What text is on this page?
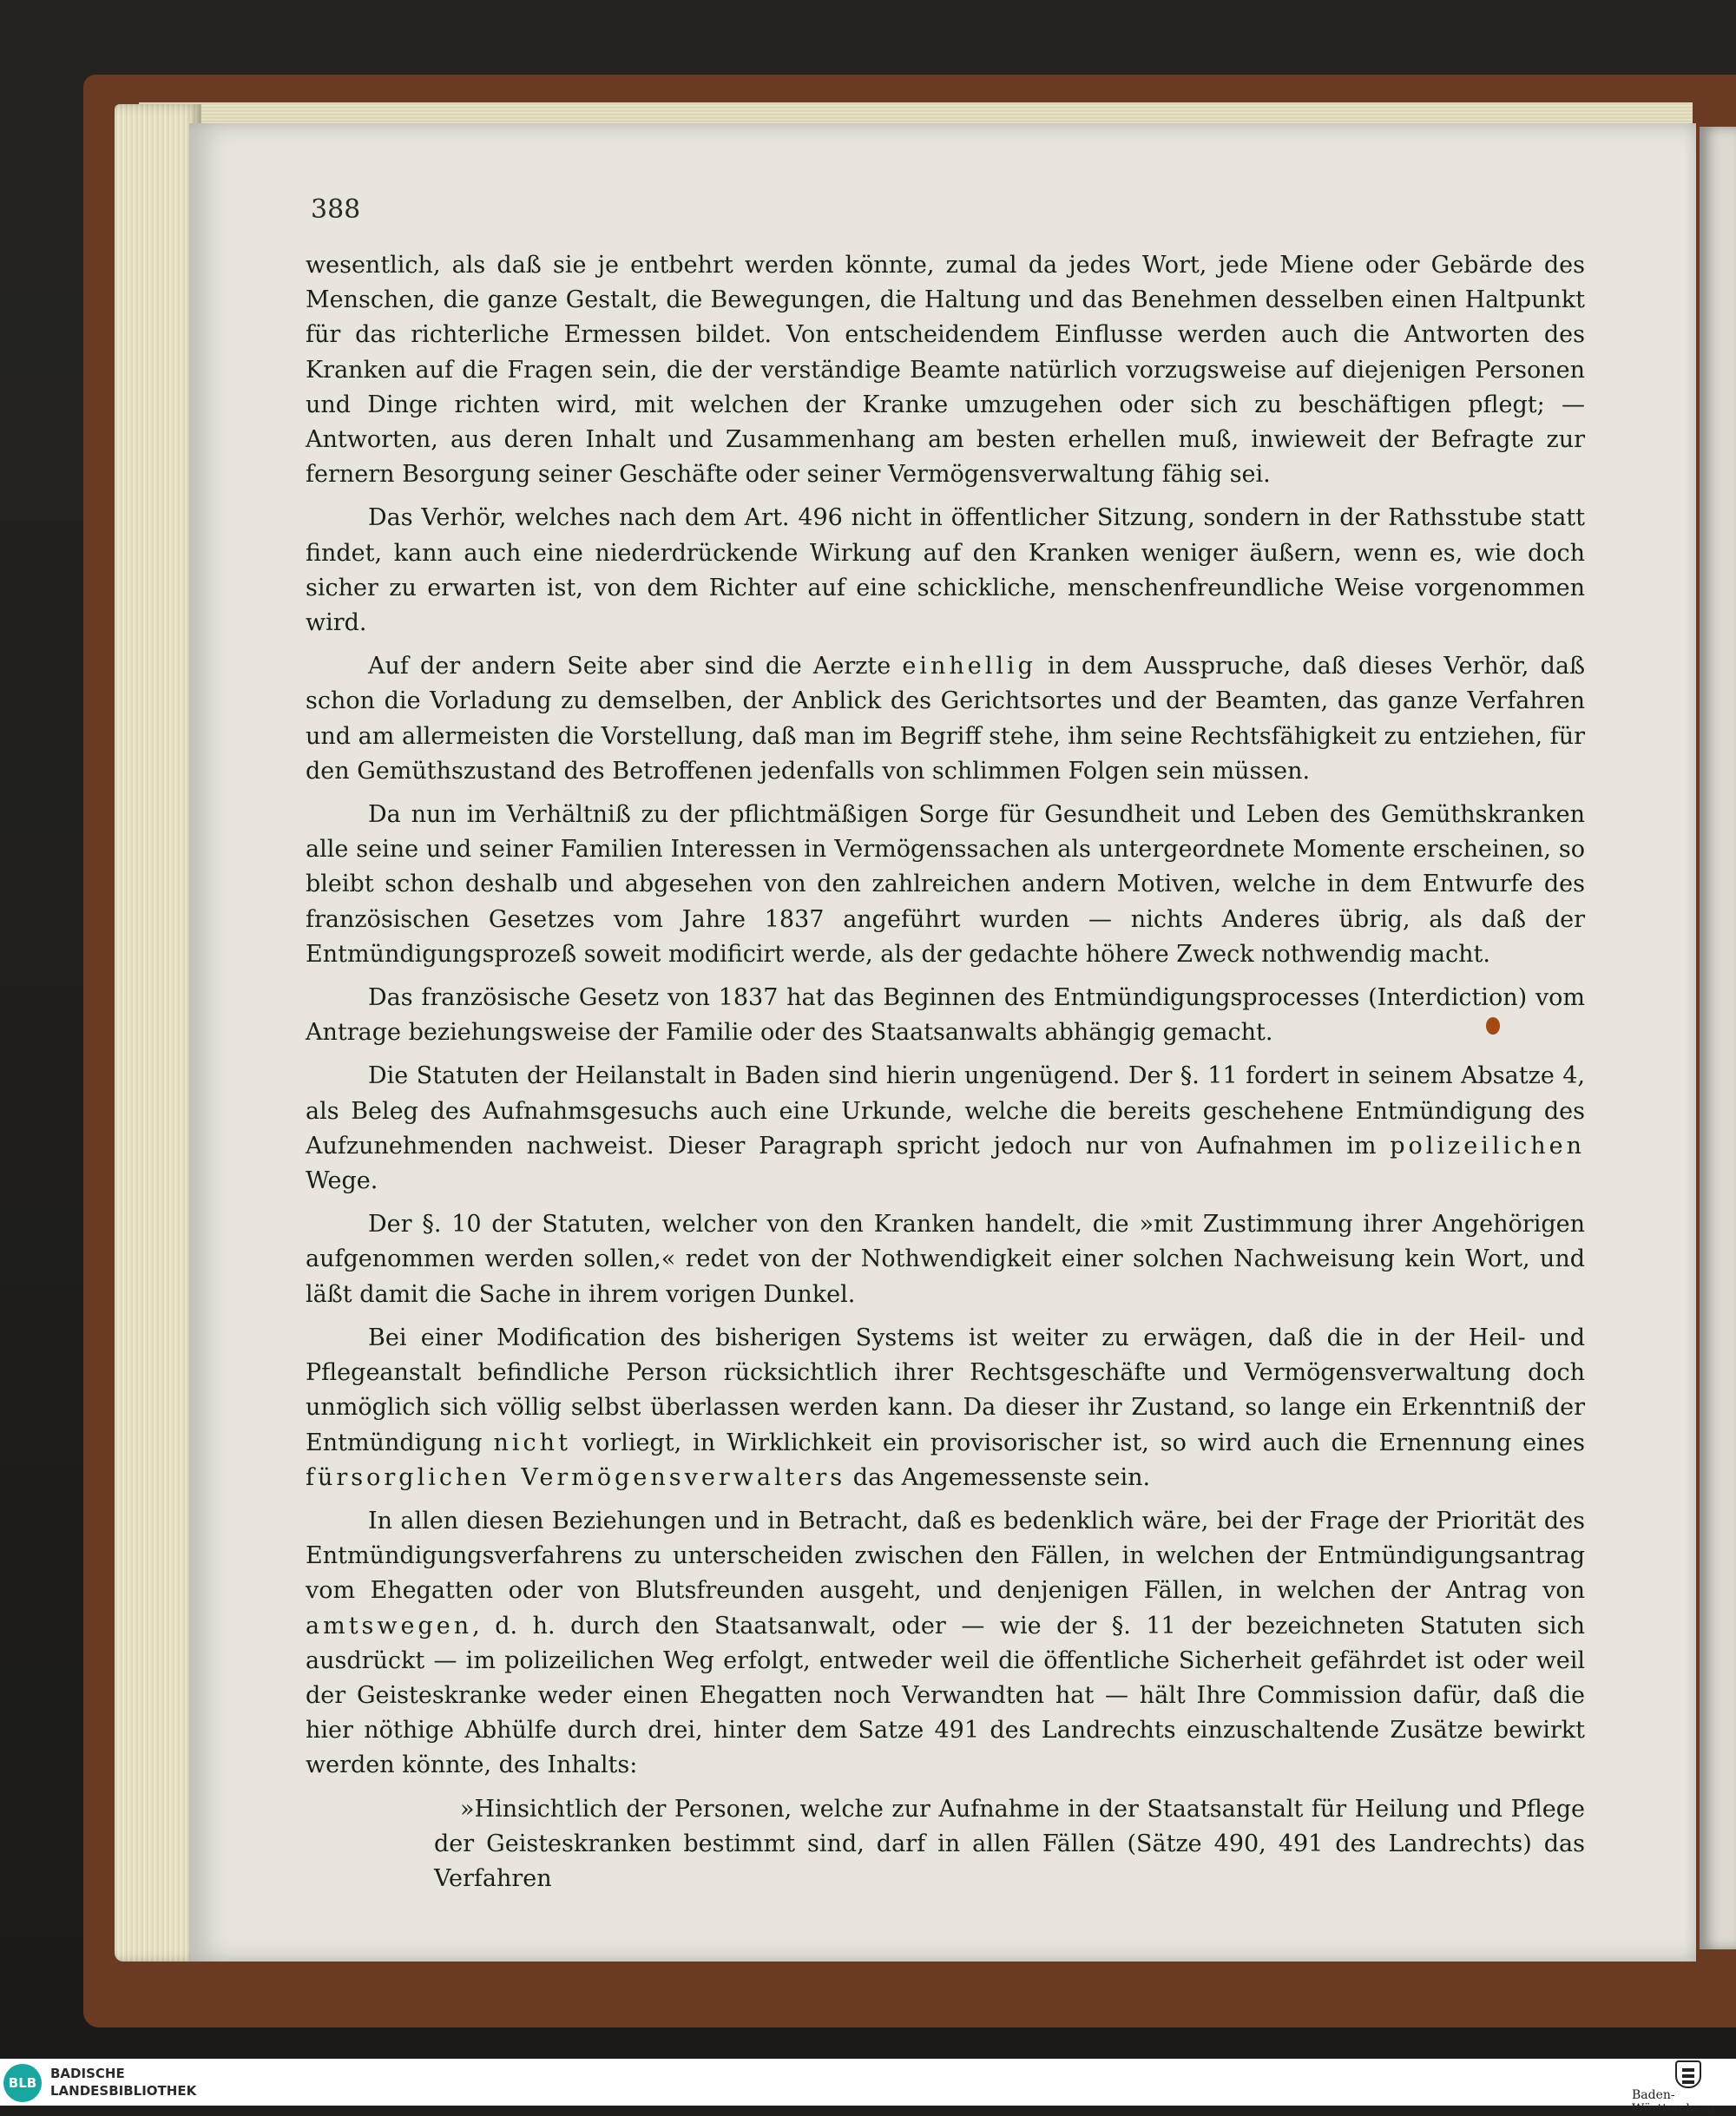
388

wesentlich, als daß sie je entbehrt werden könnte, zumal da jedes Wort, jede Miene oder Gebärde des Menschen, die ganze Gestalt, die Bewegungen, die Haltung und das Benehmen desselben einen Haltpunkt für das richterliche Ermessen bildet. Von entscheidendem Einflusse werden auch die Antworten des Kranken auf die Fragen sein, die der verständige Beamte natürlich vorzugsweise auf diejenigen Personen und Dinge richten wird, mit welchen der Kranke umzugehen oder sich zu beschäftigen pflegt; — Antworten, aus deren Inhalt und Zusammenhang am besten erhellen muß, inwieweit der Befragte zur fernern Besorgung seiner Geschäfte oder seiner Vermögensverwaltung fähig sei.

Das Verhör, welches nach dem Art. 496 nicht in öffentlicher Sitzung, sondern in der Rathsstube statt findet, kann auch eine niederdrückende Wirkung auf den Kranken weniger äußern, wenn es, wie doch sicher zu erwarten ist, von dem Richter auf eine schickliche, menschenfreundliche Weise vorgenommen wird.

Auf der andern Seite aber sind die Aerzte einhellig in dem Ausspruche, daß dieses Verhör, daß schon die Vorladung zu demselben, der Anblick des Gerichtsortes und der Beamten, das ganze Verfahren und am allermeisten die Vorstellung, daß man im Begriff stehe, ihm seine Rechtsfähigkeit zu entziehen, für den Gemüthszustand des Betroffenen jedenfalls von schlimmen Folgen sein müssen.

Da nun im Verhältniß zu der pflichtmäßigen Sorge für Gesundheit und Leben des Gemüthskranken alle seine und seiner Familien Interessen in Vermögenssachen als untergeordnete Momente erscheinen, so bleibt schon deshalb und abgesehen von den zahlreichen andern Motiven, welche in dem Entwurfe des französischen Gesetzes vom Jahre 1837 angeführt wurden — nichts Anderes übrig, als daß der Entmündigungsprozeß soweit modificirt werde, als der gedachte höhere Zweck nothwendig macht.

Das französische Gesetz von 1837 hat das Beginnen des Entmündigungsprocesses (Interdiction) vom Antrage beziehungsweise der Familie oder des Staatsanwalts abhängig gemacht.

Die Statuten der Heilanstalt in Baden sind hierin ungenügend. Der §. 11 fordert in seinem Absatze 4, als Beleg des Aufnahmsgesuchs auch eine Urkunde, welche die bereits geschehene Entmündigung des Aufzunehmenden nachweist. Dieser Paragraph spricht jedoch nur von Aufnahmen im polizeilichen Wege.

Der §. 10 der Statuten, welcher von den Kranken handelt, die »mit Zustimmung ihrer Angehörigen aufgenommen werden sollen,« redet von der Nothwendigkeit einer solchen Nachweisung kein Wort, und läßt damit die Sache in ihrem vorigen Dunkel.

Bei einer Modification des bisherigen Systems ist weiter zu erwägen, daß die in der Heil- und Pflegeanstalt befindliche Person rücksichtlich ihrer Rechtsgeschäfte und Vermögensverwaltung doch unmöglich sich völlig selbst überlassen werden kann. Da dieser ihr Zustand, so lange ein Erkenntniß der Entmündigung nicht vorliegt, in Wirklichkeit ein provisorischer ist, so wird auch die Ernennung eines fürsorglichen Vermögensverwalters das Angemessenste sein.

In allen diesen Beziehungen und in Betracht, daß es bedenklich wäre, bei der Frage der Priorität des Entmündigungsverfahrens zu unterscheiden zwischen den Fällen, in welchen der Entmündigungsantrag vom Ehegatten oder von Blutsfreunden ausgeht, und denjenigen Fällen, in welchen der Antrag von amtswegen, d. h. durch den Staatsanwalt, oder — wie der §. 11 der bezeichneten Statuten sich ausdrückt — im polizeilichen Weg erfolgt, entweder weil die öffentliche Sicherheit gefährdet ist oder weil der Geisteskranke weder einen Ehegatten noch Verwandten hat — hält Ihre Commission dafür, daß die hier nöthige Abhülfe durch drei, hinter dem Satze 491 des Landrechts einzuschaltende Zusätze bewirkt werden könnte, des Inhalts:

»Hinsichtlich der Personen, welche zur Aufnahme in der Staatsanstalt für Heilung und Pflege der Geisteskranken bestimmt sind, darf in allen Fällen (Sätze 490, 491 des Landrechts) das Verfahren

BLB
BADISCHE
LANDESBIBLIOTHEK	Baden-Württemberg
